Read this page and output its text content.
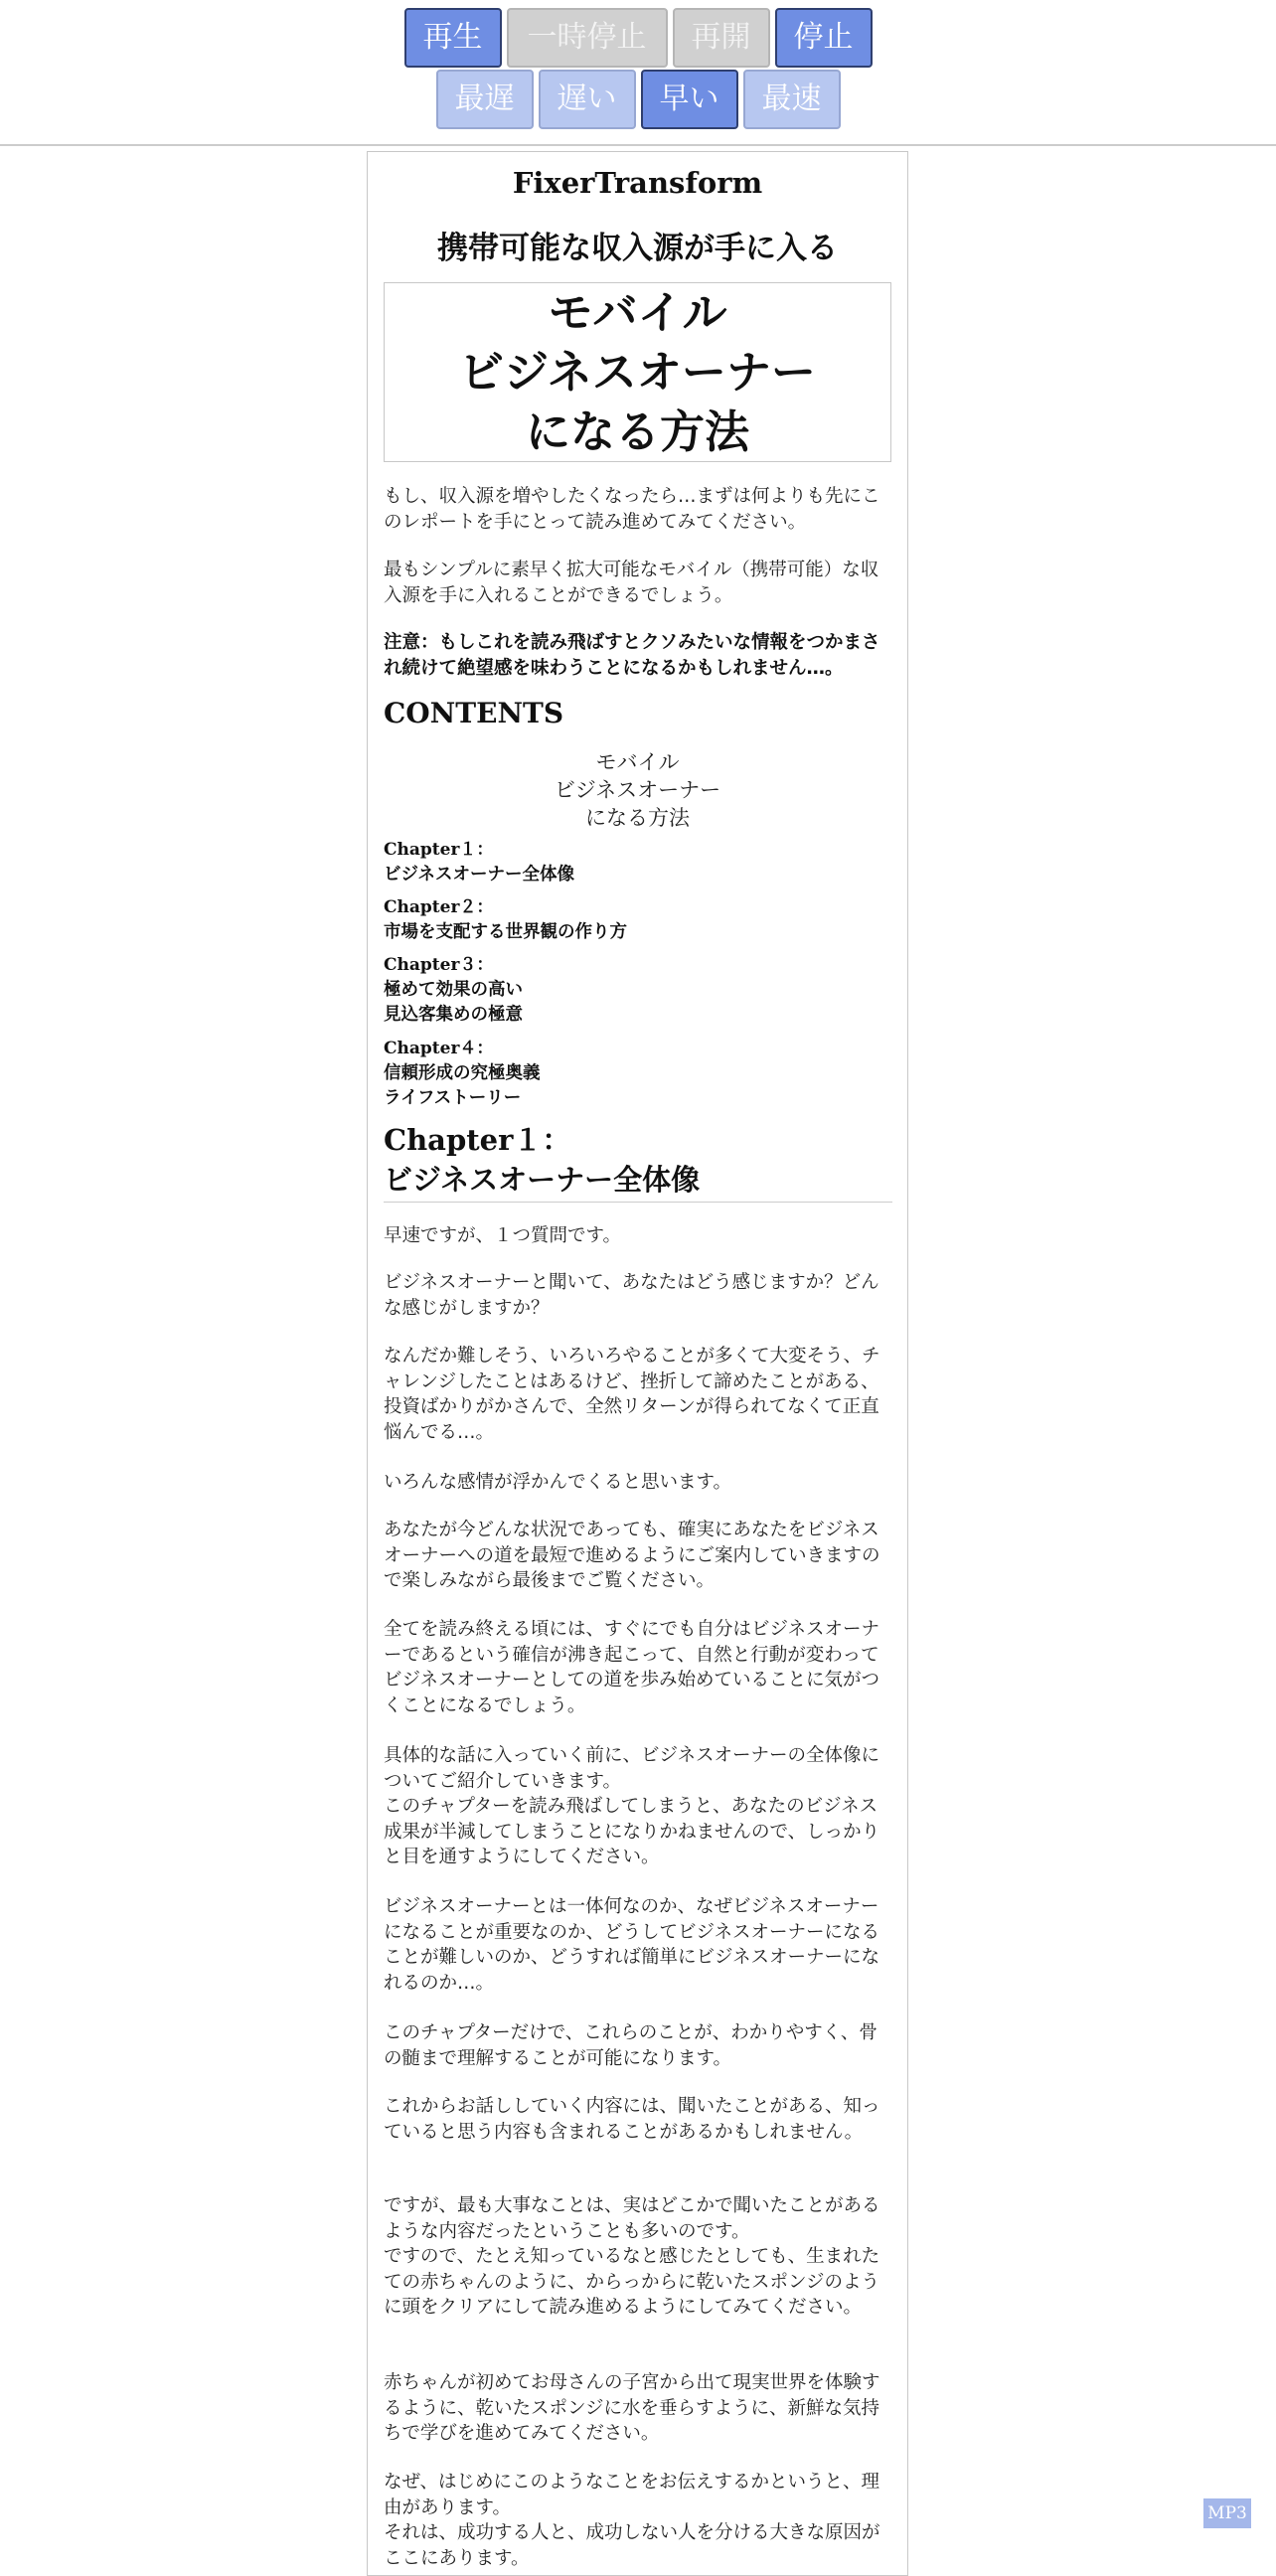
再生	一時停止	再開	停止
最遅	遅い	早い	最速
FixerTransform
携帯可能な収入源が手に入る
モバイル
ビジネスオーナー
になる方法
もし、収入源を増やしたくなったら…まずは何よりも先にこのレポートを手にとって読み進めてみてください。
最もシンプルに素早く拡大可能なモバイル（携帯可能）な収入源を手に入れることができるでしょう。
注意：もしこれを読み飛ばすとクソみたいな情報をつかまされ続けて絶望感を味わうことになるかもしれません…。
CONTENTS
モバイル
ビジネスオーナー
になる方法
Chapter１：
ビジネスオーナー全体像
Chapter２：
市場を支配する世界観の作り方
Chapter３：
極めて効果の高い
見込客集めの極意
Chapter４：
信頼形成の究極奥義
ライフストーリー
Chapter１：
ビジネスオーナー全体像
早速ですが、１つ質問です。
ビジネスオーナーと聞いて、あなたはどう感じますか？どんな感じがしますか？
なんだか難しそう、いろいろやることが多くて大変そう、チャレンジしたことはあるけど、挫折して諦めたことがある、投資ばかりがかさんで、全然リターンが得られてなくて正直悩んでる…。
いろんな感情が浮かんでくると思います。
あなたが今どんな状況であっても、確実にあなたをビジネスオーナーへの道を最短で進めるようにご案内していきますので楽しみながら最後までご覧ください。
全てを読み終える頃には、すぐにでも自分はビジネスオーナーであるという確信が沸き起こって、自然と行動が変わってビジネスオーナーとしての道を歩み始めていることに気がつくことになるでしょう。
具体的な話に入っていく前に、ビジネスオーナーの全体像についてご紹介していきます。
このチャプターを読み飛ばしてしまうと、あなたのビジネス成果が半減してしまうことになりかねませんので、しっかりと目を通すようにしてください。
ビジネスオーナーとは一体何なのか、なぜビジネスオーナーになることが重要なのか、どうしてビジネスオーナーになることが難しいのか、どうすれば簡単にビジネスオーナーになれるのか…。
このチャプターだけで、これらのことが、わかりやすく、骨の髄まで理解することが可能になります。
これからお話ししていく内容には、聞いたことがある、知っていると思う内容も含まれることがあるかもしれません。
ですが、最も大事なことは、実はどこかで聞いたことがあるような内容だったということも多いのです。
ですので、たとえ知っているなと感じたとしても、生まれたての赤ちゃんのように、からっからに乾いたスポンジのように頭をクリアにして読み進めるようにしてみてください。
赤ちゃんが初めてお母さんの子宮から出て現実世界を体験するように、乾いたスポンジに水を垂らすように、新鮮な気持ちで学びを進めてみてください。
なぜ、はじめにこのようなことをお伝えするかというと、理由があります。
それは、成功する人と、成功しない人を分ける大きな原因がここにあります。
MP3
